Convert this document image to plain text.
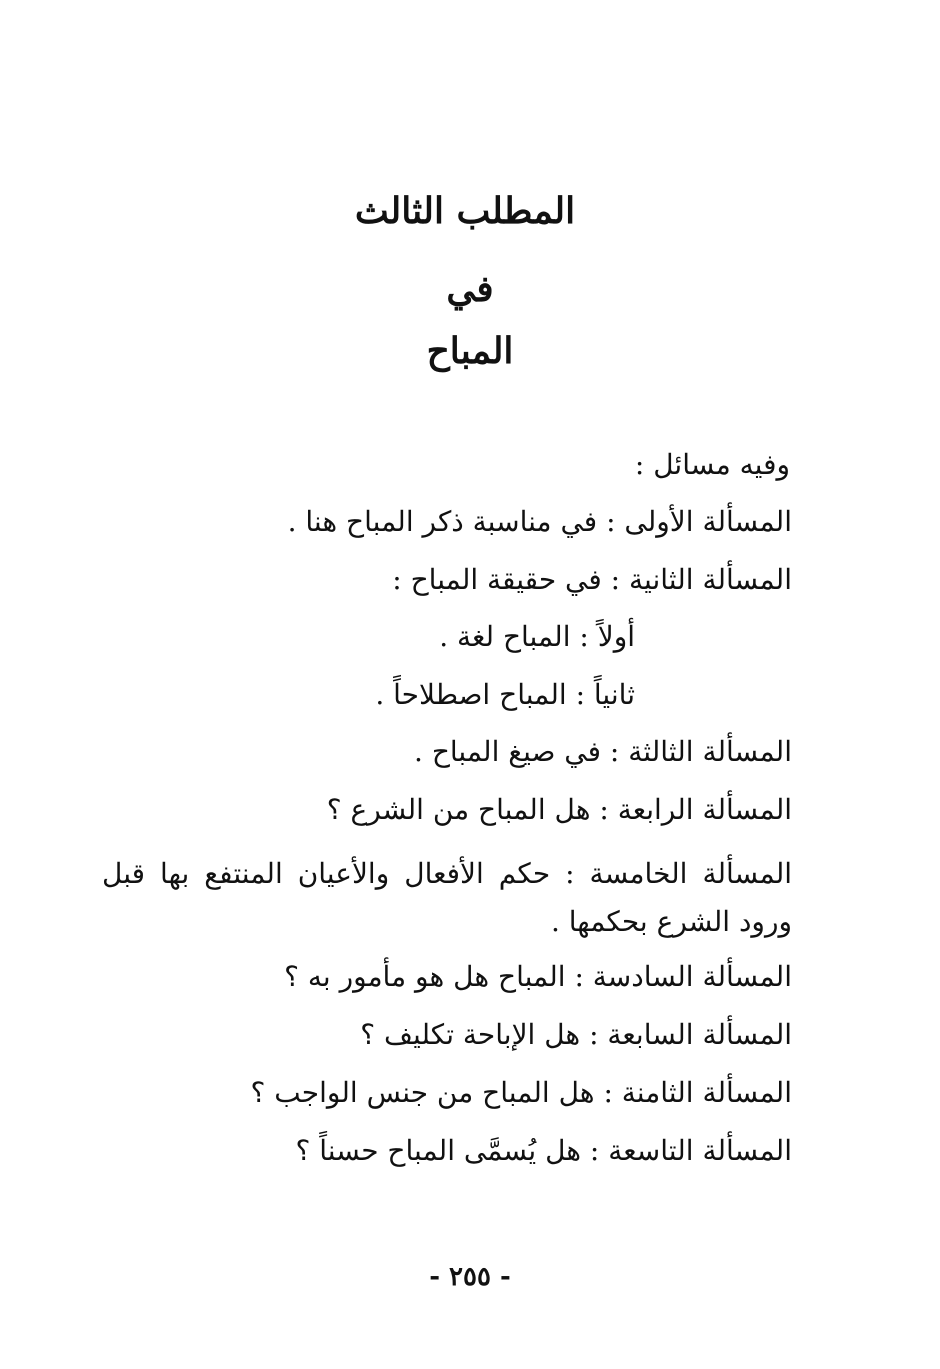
المطلب الثالث
في
المباح
وفيه مسائل :
المسألة الأولى : في مناسبة ذكر المباح هنا .
المسألة الثانية : في حقيقة المباح :
أولاً : المباح لغة .
ثانياً : المباح اصطلاحاً .
المسألة الثالثة : في صيغ المباح .
المسألة الرابعة : هل المباح من الشرع ؟
المسألة الخامسة : حكم الأفعال والأعيان المنتفع بها قبل ورود الشرع بحكمها .
المسألة السادسة : المباح هل هو مأمور به ؟
المسألة السابعة : هل الإباحة تكليف ؟
المسألة الثامنة : هل المباح من جنس الواجب ؟
المسألة التاسعة : هل يُسمَّى المباح حسناً ؟
- ٢٥٥ -
